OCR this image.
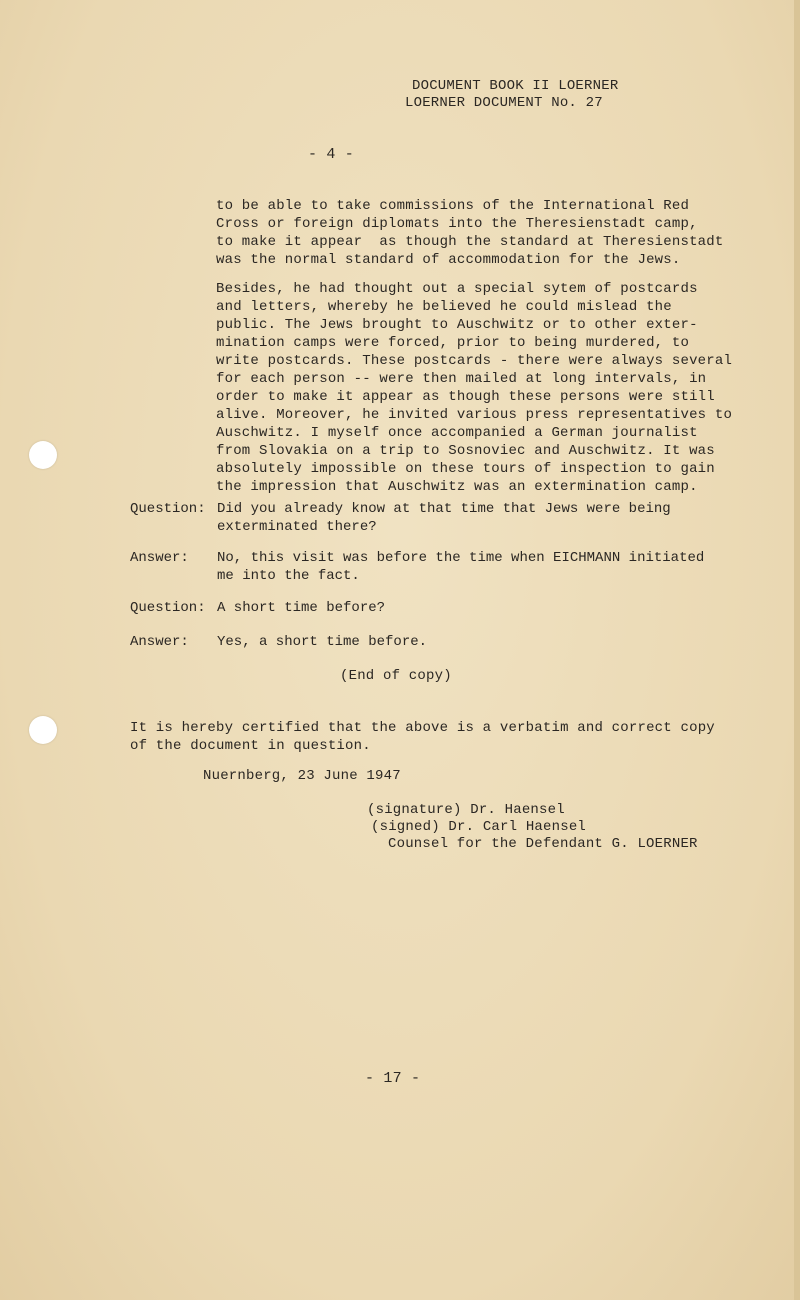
DOCUMENT BOOK II LOERNER
LOERNER DOCUMENT No. 27
- 4 -
to be able to take commissions of the International Red
Cross or foreign diplomats into the Theresienstadt camp,
to make it appear  as though the standard at Theresienstadt
was the normal standard of accommodation for the Jews.
Besides, he had thought out a special sytem of postcards
and letters, whereby he believed he could mislead the
public. The Jews brought to Auschwitz or to other exter-
mination camps were forced, prior to being murdered, to
write postcards. These postcards - there were always several
for each person -- were then mailed at long intervals, in
order to make it appear as though these persons were still
alive. Moreover, he invited various press representatives to
Auschwitz. I myself once accompanied a German journalist
from Slovakia on a trip to Sosnoviec and Auschwitz. It was
absolutely impossible on these tours of inspection to gain
the impression that Auschwitz was an extermination camp.
Question: Did you already know at that time that Jews were being
exterminated there?
Answer: No, this visit was before the time when EICHMANN initiated
me into the fact.
Question: A short time before?
Answer: Yes, a short time before.
(End of copy)
It is hereby certified that the above is a verbatim and correct copy
of the document in question.
Nuernberg, 23 June 1947
(signature) Dr. Haensel
(signed) Dr. Carl Haensel
Counsel for the Defendant G. LOERNER
- 17 -
